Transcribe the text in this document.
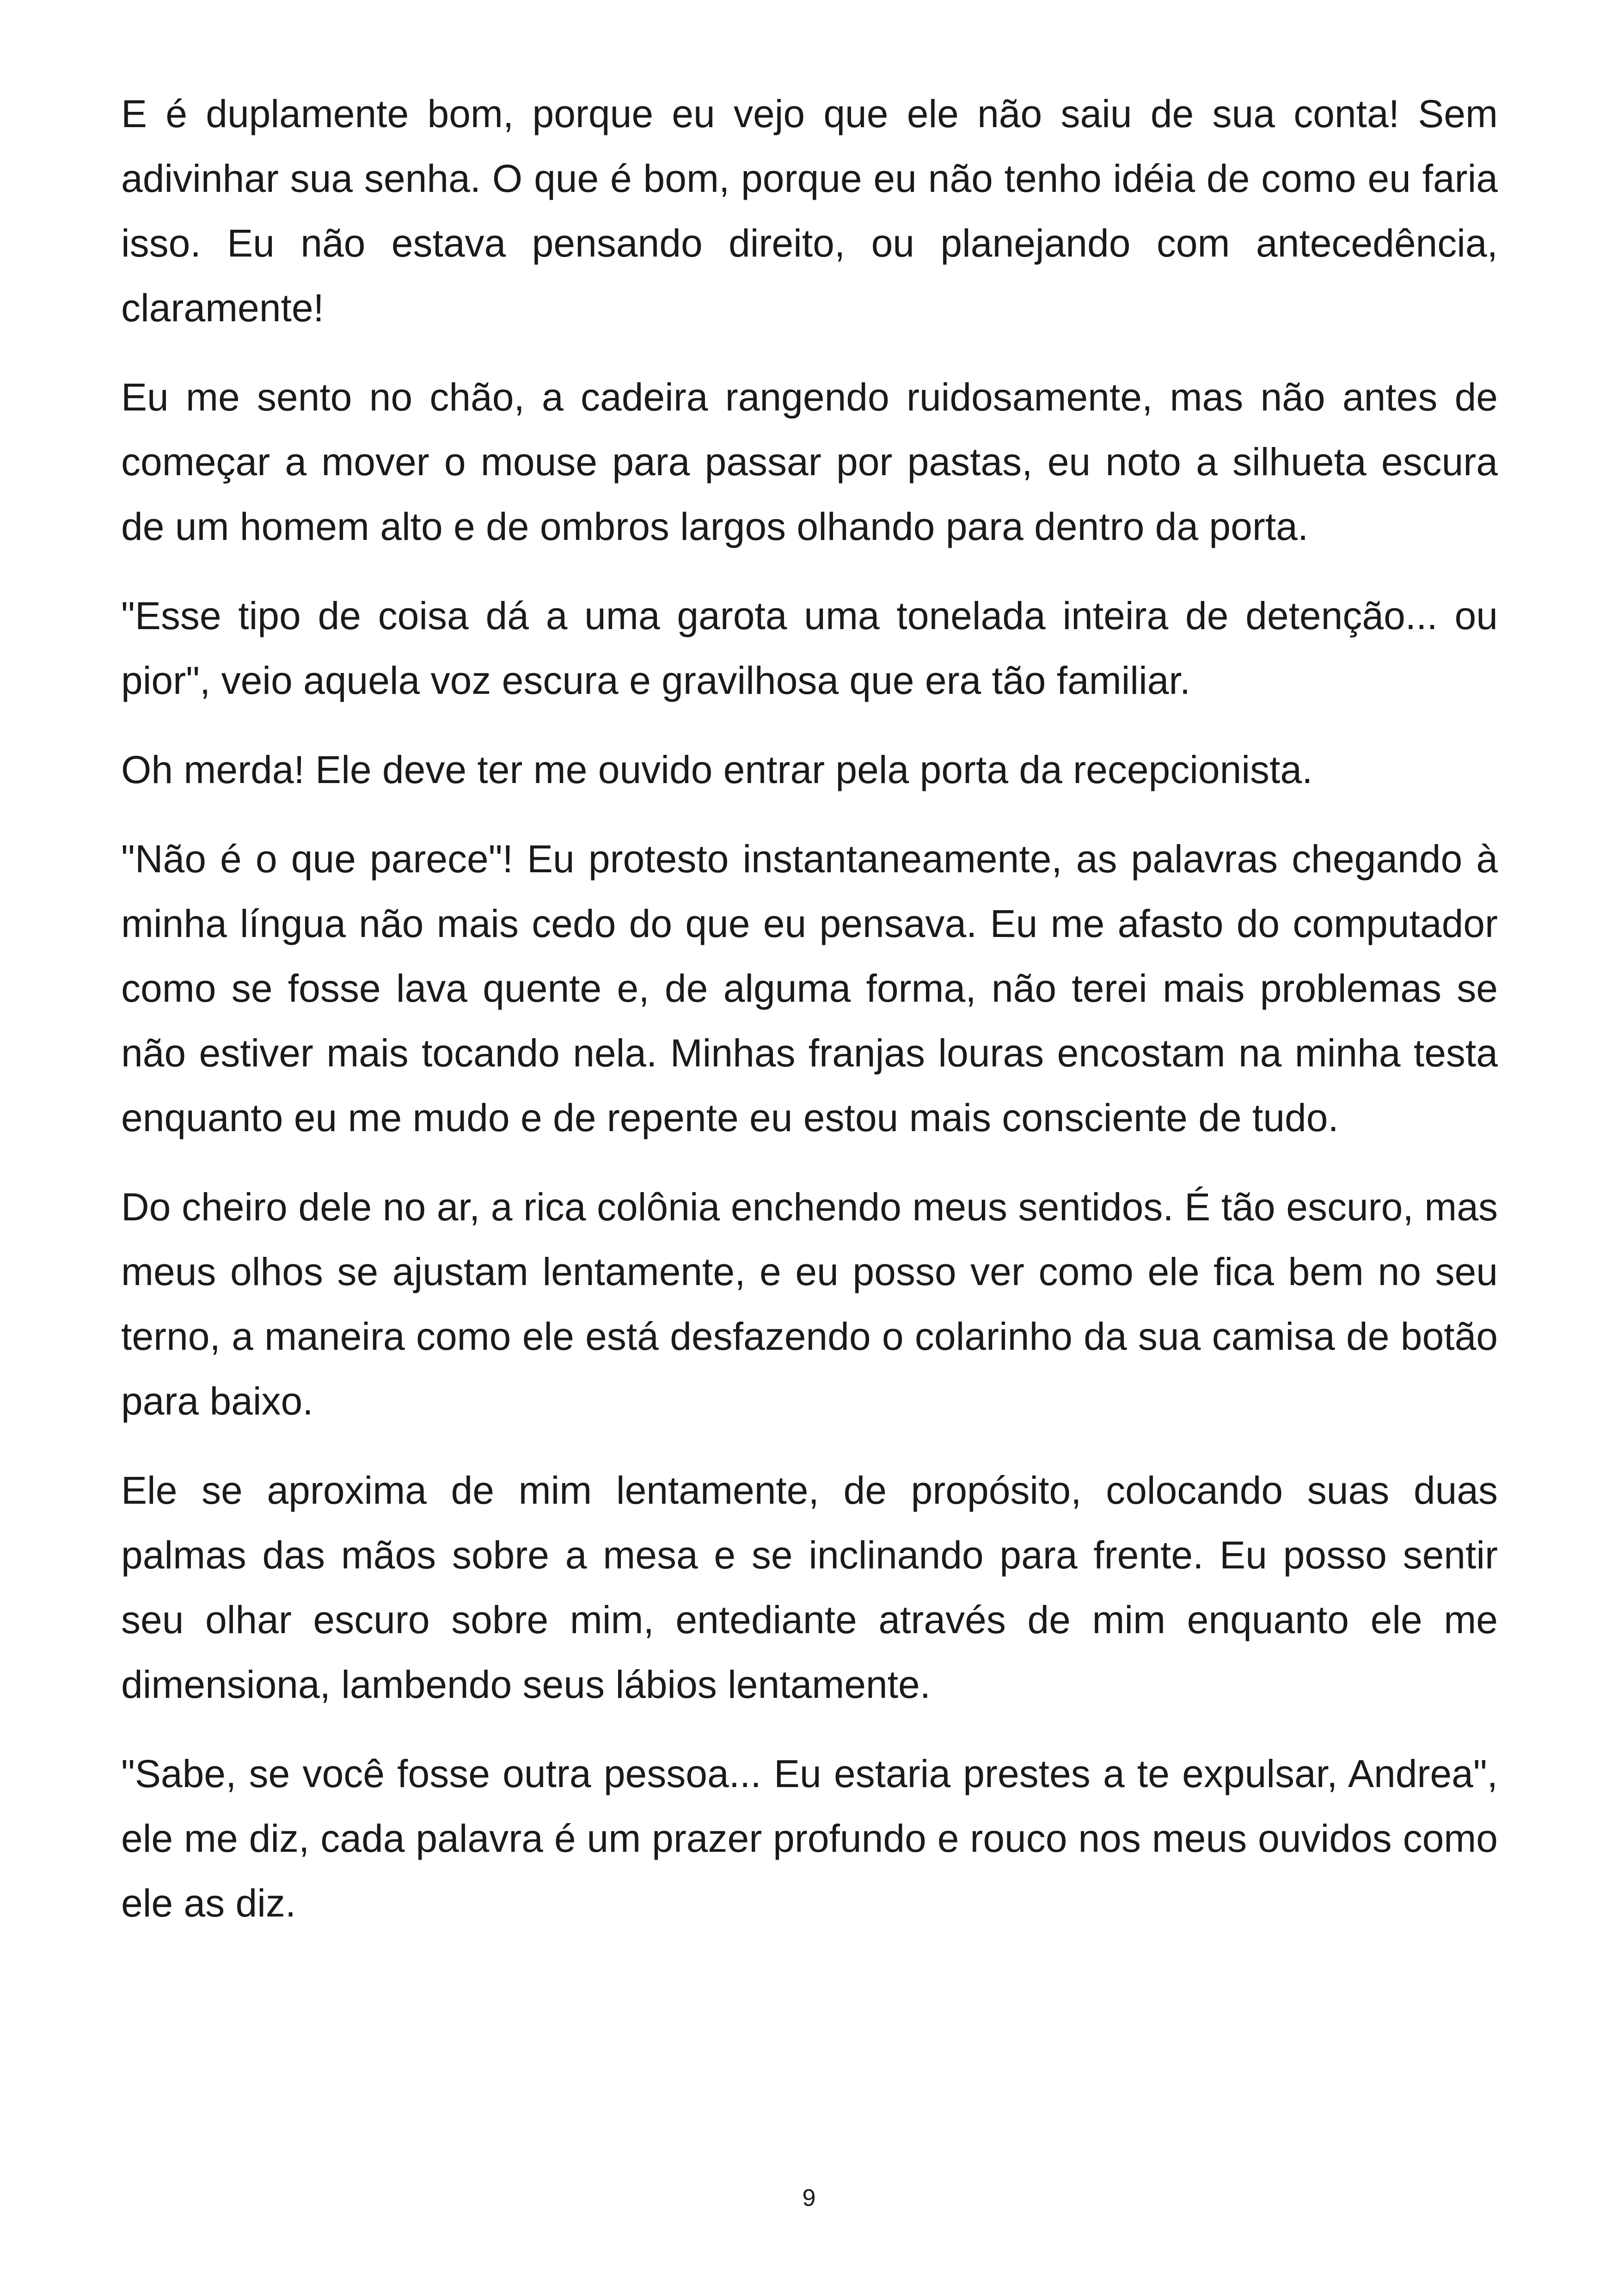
E é duplamente bom, porque eu vejo que ele não saiu de sua conta! Sem adivinhar sua senha. O que é bom, porque eu não tenho idéia de como eu faria isso. Eu não estava pensando direito, ou planejando com antecedência, claramente!

Eu me sento no chão, a cadeira rangendo ruidosamente, mas não antes de começar a mover o mouse para passar por pastas, eu noto a silhueta escura de um homem alto e de ombros largos olhando para dentro da porta.

"Esse tipo de coisa dá a uma garota uma tonelada inteira de detenção... ou pior", veio aquela voz escura e gravilhosa que era tão familiar.

Oh merda! Ele deve ter me ouvido entrar pela porta da recepcionista.

"Não é o que parece"! Eu protesto instantaneamente, as palavras chegando à minha língua não mais cedo do que eu pensava. Eu me afasto do computador como se fosse lava quente e, de alguma forma, não terei mais problemas se não estiver mais tocando nela. Minhas franjas louras encostam na minha testa enquanto eu me mudo e de repente eu estou mais consciente de tudo.

Do cheiro dele no ar, a rica colônia enchendo meus sentidos. É tão escuro, mas meus olhos se ajustam lentamente, e eu posso ver como ele fica bem no seu terno, a maneira como ele está desfazendo o colarinho da sua camisa de botão para baixo.

Ele se aproxima de mim lentamente, de propósito, colocando suas duas palmas das mãos sobre a mesa e se inclinando para frente. Eu posso sentir seu olhar escuro sobre mim, entediante através de mim enquanto ele me dimensiona, lambendo seus lábios lentamente.

"Sabe, se você fosse outra pessoa... Eu estaria prestes a te expulsar, Andrea", ele me diz, cada palavra é um prazer profundo e rouco nos meus ouvidos como ele as diz.

9
